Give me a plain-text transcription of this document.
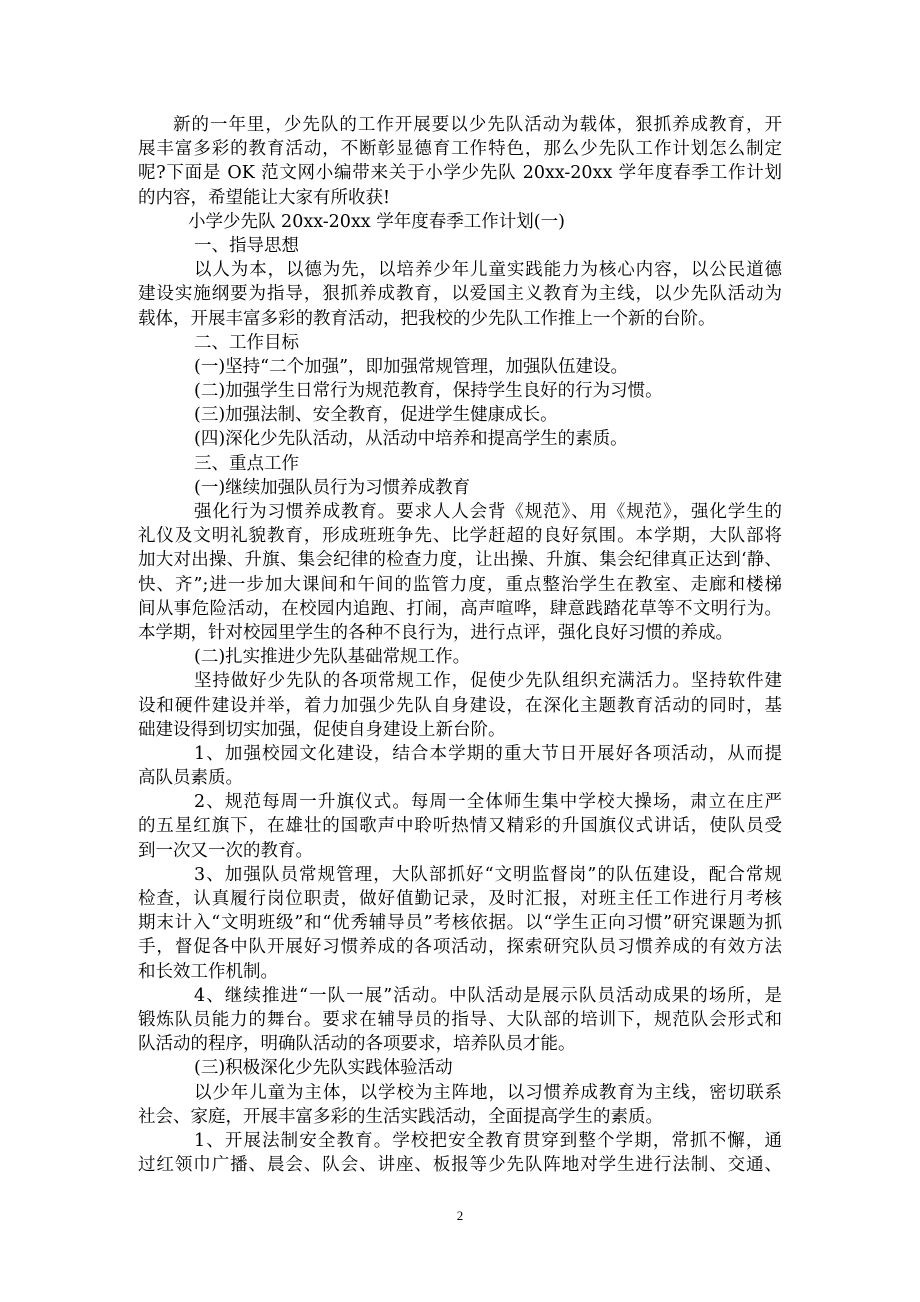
新的一年里，少先队的工作开展要以少先队活动为载体，狠抓养成教育，开
展丰富多彩的教育活动，不断彰显德育工作特色，那么少先队工作计划怎么制定
呢?下面是 OK 范文网小编带来关于小学少先队 20xx-20xx 学年度春季工作计划
的内容，希望能让大家有所收获!
小学少先队 20xx-20xx 学年度春季工作计划(一)
一、指导思想
以人为本，以德为先，以培养少年儿童实践能力为核心内容，以公民道德
建设实施纲要为指导，狠抓养成教育，以爱国主义教育为主线，以少先队活动为
载体，开展丰富多彩的教育活动，把我校的少先队工作推上一个新的台阶。
二、工作目标
(一)坚持“二个加强”，即加强常规管理，加强队伍建设。
(二)加强学生日常行为规范教育，保持学生良好的行为习惯。
(三)加强法制、安全教育，促进学生健康成长。
(四)深化少先队活动，从活动中培养和提高学生的素质。
三、重点工作
(一)继续加强队员行为习惯养成教育
强化行为习惯养成教育。要求人人会背《规范》、用《规范》，强化学生的
礼仪及文明礼貌教育，形成班班争先、比学赶超的良好氛围。本学期，大队部将
加大对出操、升旗、集会纪律的检查力度，让出操、升旗、集会纪律真正达到‘静、
快、齐”;进一步加大课间和午间的监管力度，重点整治学生在教室、走廊和楼梯
间从事危险活动，在校园内追跑、打闹，高声喧哗，肆意践踏花草等不文明行为。
本学期，针对校园里学生的各种不良行为，进行点评，强化良好习惯的养成。
(二)扎实推进少先队基础常规工作。
坚持做好少先队的各项常规工作，促使少先队组织充满活力。坚持软件建
设和硬件建设并举，着力加强少先队自身建设，在深化主题教育活动的同时，基
础建设得到切实加强，促使自身建设上新台阶。
1、加强校园文化建设，结合本学期的重大节日开展好各项活动，从而提
高队员素质。
2、规范每周一升旗仪式。每周一全体师生集中学校大操场，肃立在庄严
的五星红旗下，在雄壮的国歌声中聆听热情又精彩的升国旗仪式讲话，使队员受
到一次又一次的教育。
3、加强队员常规管理，大队部抓好“文明监督岗”的队伍建设，配合常规
检查，认真履行岗位职责，做好值勤记录，及时汇报，对班主任工作进行月考核
期末计入“文明班级”和“优秀辅导员”考核依据。以“学生正向习惯”研究课题为抓
手，督促各中队开展好习惯养成的各项活动，探索研究队员习惯养成的有效方法
和长效工作机制。
4、继续推进“一队一展”活动。中队活动是展示队员活动成果的场所，是
锻炼队员能力的舞台。要求在辅导员的指导、大队部的培训下，规范队会形式和
队活动的程序，明确队活动的各项要求，培养队员才能。
(三)积极深化少先队实践体验活动
以少年儿童为主体，以学校为主阵地，以习惯养成教育为主线，密切联系
社会、家庭，开展丰富多彩的生活实践活动，全面提高学生的素质。
1、开展法制安全教育。学校把安全教育贯穿到整个学期，常抓不懈，通
过红领巾广播、晨会、队会、讲座、板报等少先队阵地对学生进行法制、交通、
2
